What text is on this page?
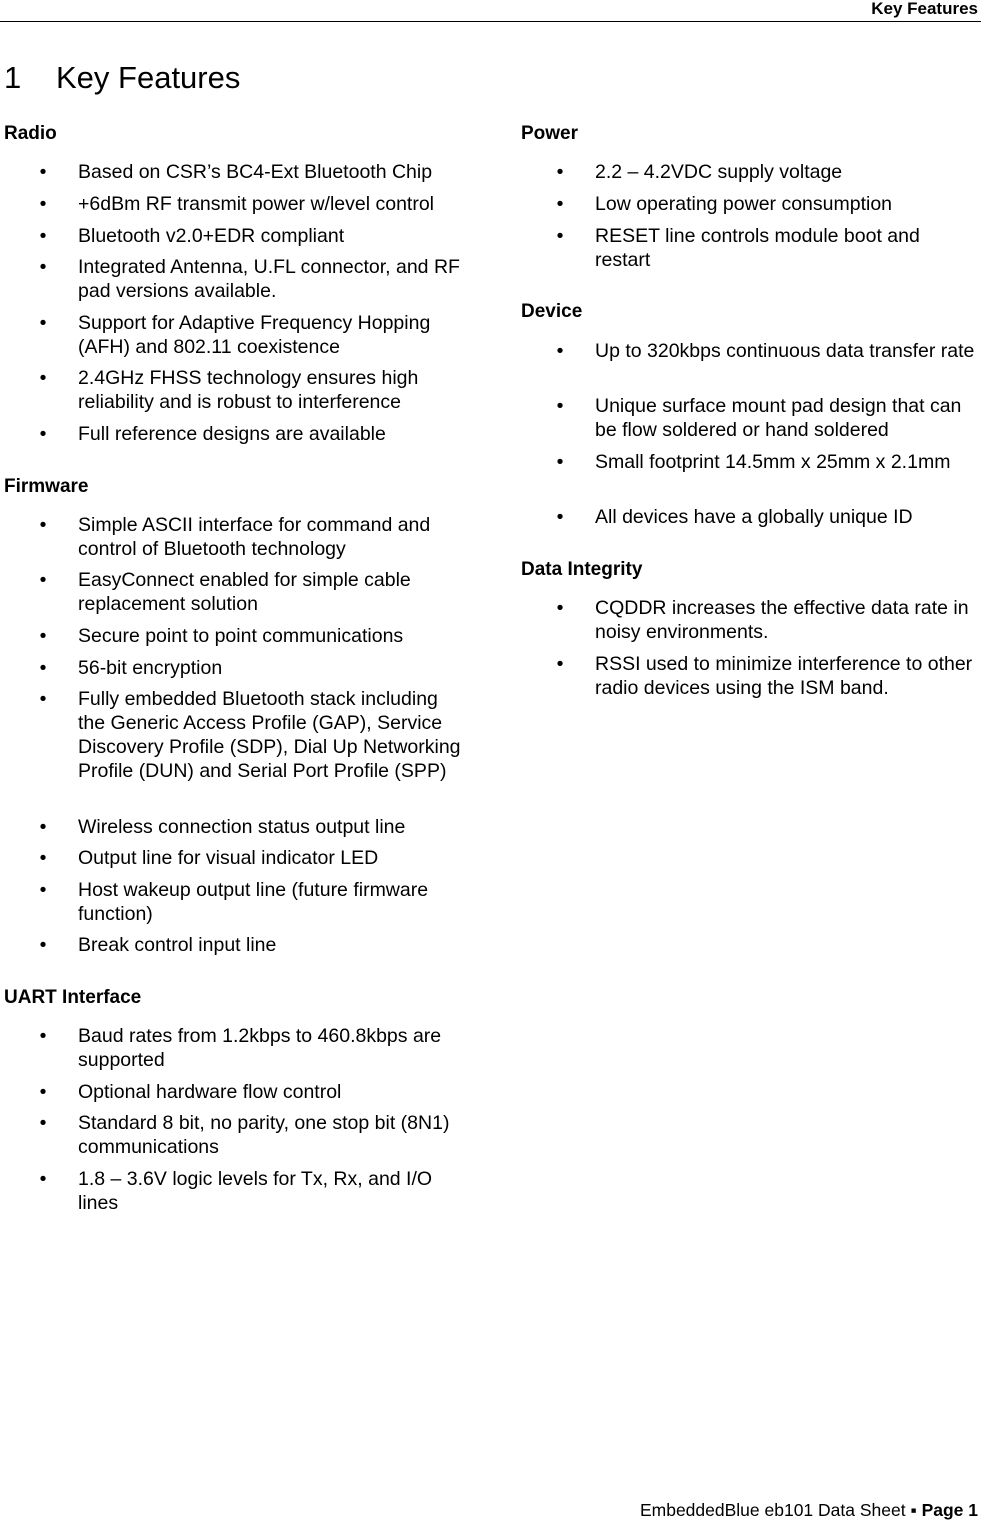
Key Features
1 Key Features
Radio
• Based on CSR’s BC4-Ext Bluetooth Chip
• +6dBm RF transmit power w/level control
• Bluetooth v2.0+EDR compliant
• Integrated Antenna, U.FL connector, and RF pad versions available.
• Support for Adaptive Frequency Hopping (AFH) and 802.11 coexistence
• 2.4GHz FHSS technology ensures high reliability and is robust to interference
• Full reference designs are available
Firmware
• Simple ASCII interface for command and control of Bluetooth technology
• EasyConnect enabled for simple cable replacement solution
• Secure point to point communications
• 56-bit encryption
• Fully embedded Bluetooth stack including the Generic Access Profile (GAP), Service Discovery Profile (SDP), Dial Up Networking Profile (DUN) and Serial Port Profile (SPP)
• Wireless connection status output line
• Output line for visual indicator LED
• Host wakeup output line (future firmware function)
• Break control input line
UART Interface
• Baud rates from 1.2kbps to 460.8kbps are supported
• Optional hardware flow control
• Standard 8 bit, no parity, one stop bit (8N1) communications
• 1.8 – 3.6V logic levels for Tx, Rx, and I/O lines
Power
• 2.2 – 4.2VDC supply voltage
• Low operating power consumption
• RESET line controls module boot and restart
Device
• Up to 320kbps continuous data transfer rate
• Unique surface mount pad design that can be flow soldered or hand soldered
• Small footprint 14.5mm x 25mm x 2.1mm
• All devices have a globally unique ID
Data Integrity
• CQDDR increases the effective data rate in noisy environments.
• RSSI used to minimize interference to other radio devices using the ISM band.
EmbeddedBlue eb101 Data Sheet ▪ Page 1
